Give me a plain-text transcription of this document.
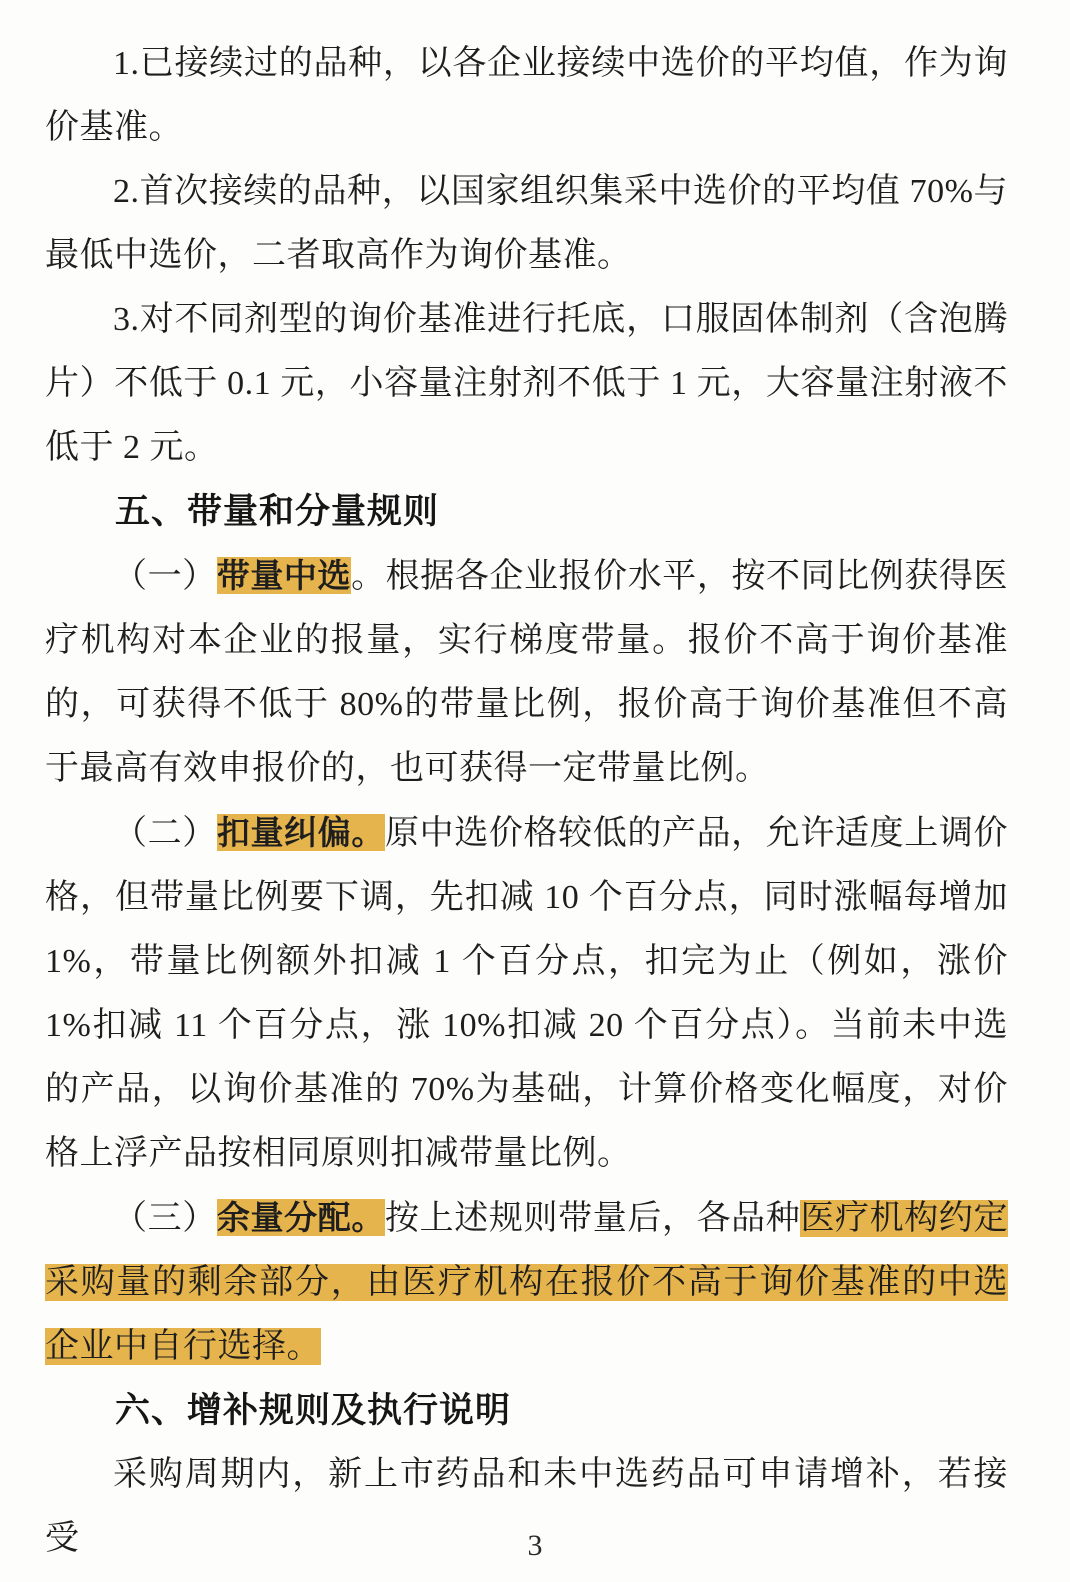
1.已接续过的品种，以各企业接续中选价的平均值，作为询价基准。

2.首次接续的品种，以国家组织集采中选价的平均值 70%与最低中选价，二者取高作为询价基准。

3.对不同剂型的询价基准进行托底，口服固体制剂（含泡腾片）不低于 0.1 元，小容量注射剂不低于 1 元，大容量注射液不低于 2 元。

五、带量和分量规则

（一）带量中选。根据各企业报价水平，按不同比例获得医疗机构对本企业的报量，实行梯度带量。报价不高于询价基准的，可获得不低于 80%的带量比例，报价高于询价基准但不高于最高有效申报价的，也可获得一定带量比例。

（二）扣量纠偏。原中选价格较低的产品，允许适度上调价格，但带量比例要下调，先扣减 10 个百分点，同时涨幅每增加 1%，带量比例额外扣减 1 个百分点，扣完为止（例如，涨价 1%扣减 11 个百分点，涨 10%扣减 20 个百分点）。当前未中选的产品，以询价基准的 70%为基础，计算价格变化幅度，对价格上浮产品按相同原则扣减带量比例。

（三）余量分配。按上述规则带量后，各品种医疗机构约定采购量的剩余部分，由医疗机构在报价不高于询价基准的中选企业中自行选择。

六、增补规则及执行说明

采购周期内，新上市药品和未中选药品可申请增补，若接受	3
